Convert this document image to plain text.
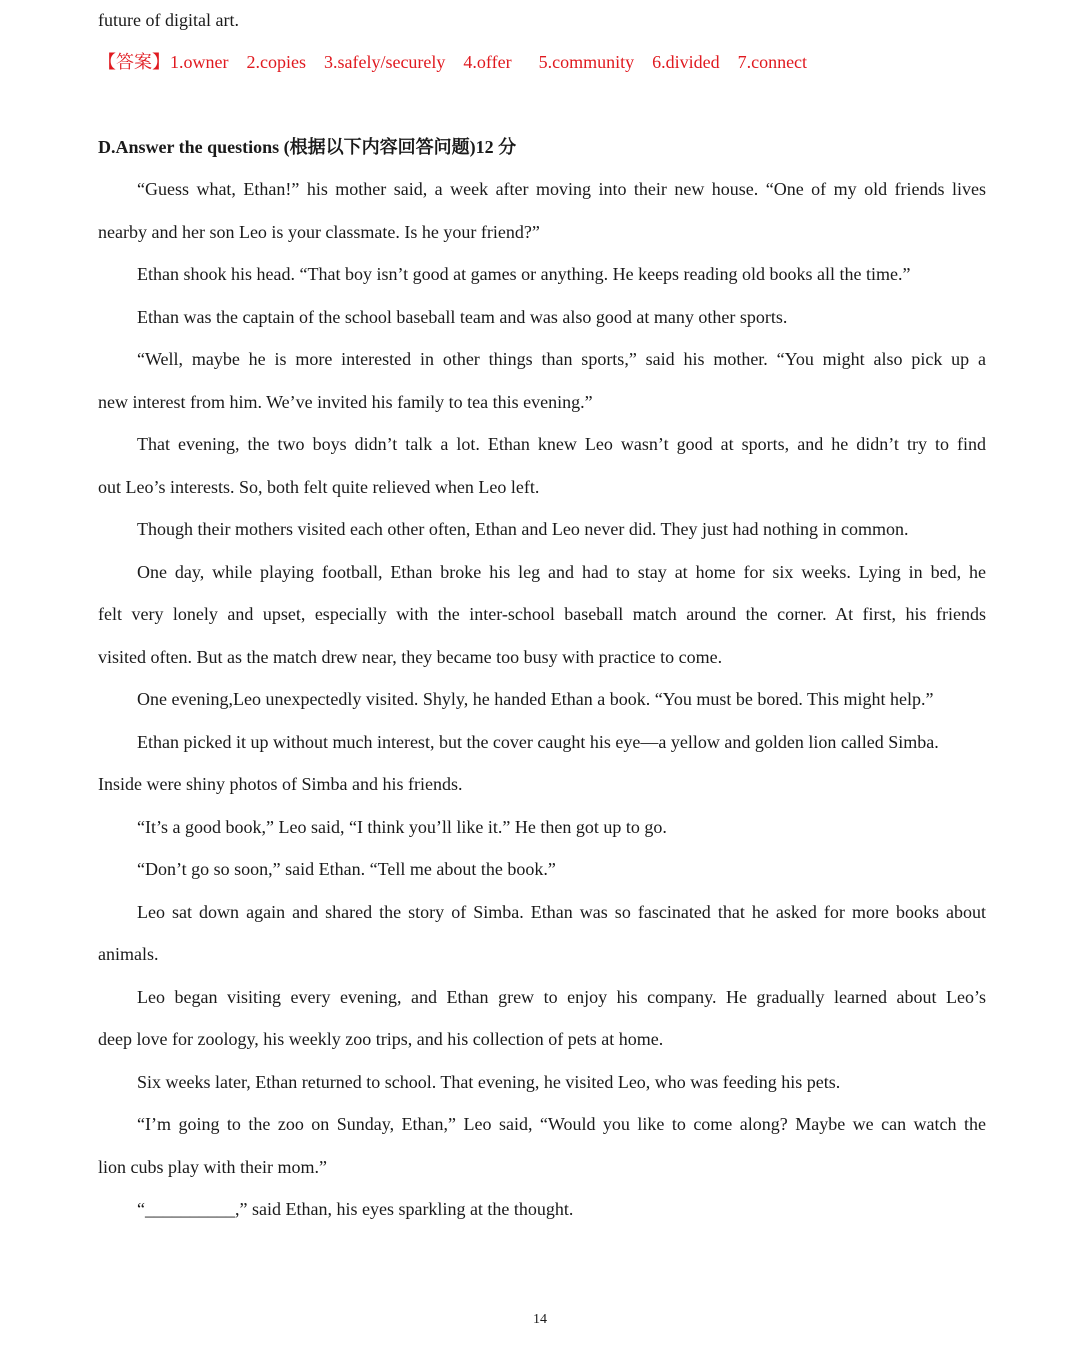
future of digital art.
【答案】1.owner 2.copies 3.safely/securely 4.offer 5.community 6.divided 7.connect
D.Answer the questions (根据以下内容回答问题)12 分
“Guess what, Ethan!” his mother said, a week after moving into their new house. “One of my old friends lives
nearby and her son Leo is your classmate. Is he your friend?”
Ethan shook his head. “That boy isn’t good at games or anything. He keeps reading old books all the time.”
Ethan was the captain of the school baseball team and was also good at many other sports.
“Well, maybe he is more interested in other things than sports,” said his mother. “You might also pick up a
new interest from him. We’ve invited his family to tea this evening.”
That evening, the two boys didn’t talk a lot. Ethan knew Leo wasn’t good at sports, and he didn’t try to find
out Leo’s interests. So, both felt quite relieved when Leo left.
Though their mothers visited each other often, Ethan and Leo never did. They just had nothing in common.
One day, while playing football, Ethan broke his leg and had to stay at home for six weeks. Lying in bed, he
felt very lonely and upset, especially with the inter-school baseball match around the corner. At first, his friends
visited often. But as the match drew near, they became too busy with practice to come.
One evening,Leo unexpectedly visited. Shyly, he handed Ethan a book. “You must be bored. This might help.”
Ethan picked it up without much interest, but the cover caught his eye—a yellow and golden lion called Simba.
Inside were shiny photos of Simba and his friends.
“It’s a good book,” Leo said, “I think you’ll like it.” He then got up to go.
“Don’t go so soon,” said Ethan. “Tell me about the book.”
Leo sat down again and shared the story of Simba. Ethan was so fascinated that he asked for more books about
animals.
Leo began visiting every evening, and Ethan grew to enjoy his company. He gradually learned about Leo’s
deep love for zoology, his weekly zoo trips, and his collection of pets at home.
Six weeks later, Ethan returned to school. That evening, he visited Leo, who was feeding his pets.
“I’m going to the zoo on Sunday, Ethan,” Leo said, “Would you like to come along? Maybe we can watch the
lion cubs play with their mom.”
“__________,” said Ethan, his eyes sparkling at the thought.
14
